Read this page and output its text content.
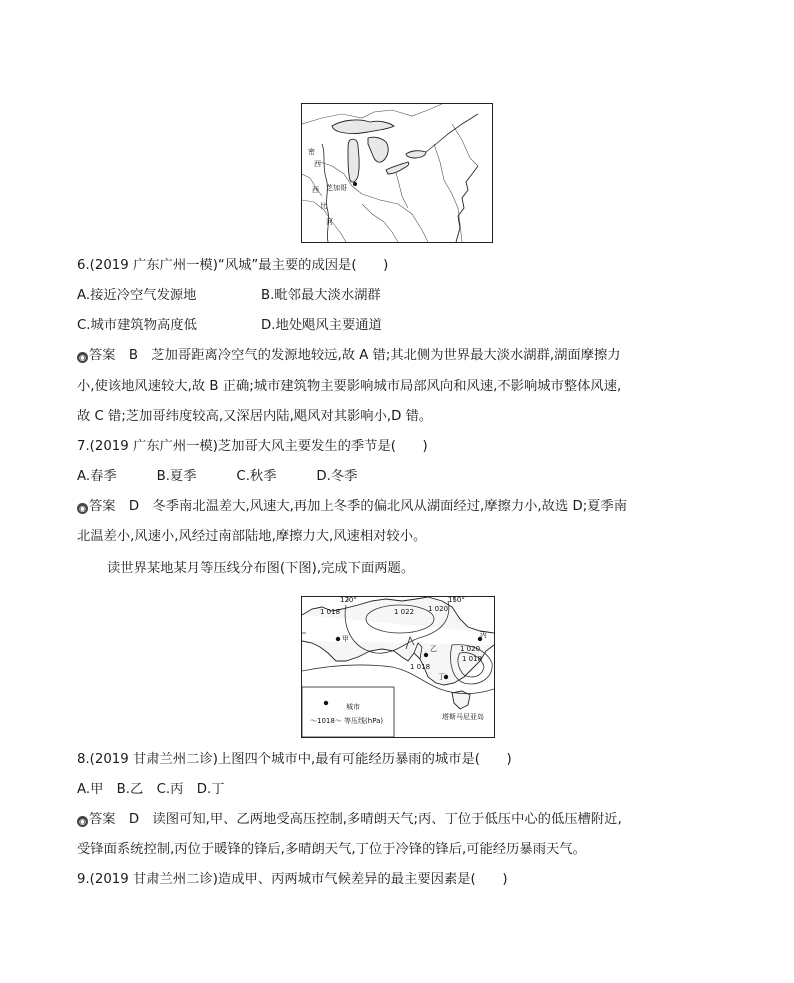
密
西
西
比
河
芝加哥
6.(2019 广东广州一模)“风城”最主要的成因是(　　)
A.接近冷空气发源地	B.毗邻最大淡水湖群
C.城市建筑物高度低	D.地处飓风主要通道
◉ 答案　B　芝加哥距离冷空气的发源地较远,故 A 错;其北侧为世界最大淡水湖群,湖面摩擦力
小,使该地风速较大,故 B 正确;城市建筑物主要影响城市局部风向和风速,不影响城市整体风速,
故 C 错;芝加哥纬度较高,又深居内陆,飓风对其影响小,D 错。
7.(2019 广东广州一模)芝加哥大风主要发生的季节是(　　)
A.春季　　　B.夏季　　　C.秋季　　　D.冬季
◉ 答案　D　冬季南北温差大,风速大,再加上冬季的偏北风从湖面经过,摩擦力小,故选 D;夏季南
北温差小,风速小,风经过南部陆地,摩擦力大,风速相对较小。
读世界某地某月等压线分布图(下图),完成下面两题。
120°	150°
1 018	1 022 1 020
甲
乙
丙
1 020
1 018
1 018
丁
塔斯马尼亚岛
城市
～1018～ 等压线(hPa)
8.(2019 甘肃兰州二诊)上图四个城市中,最有可能经历暴雨的城市是(　　)
A.甲　B.乙　C.丙　D.丁
◉ 答案　D　读图可知,甲、乙两地受高压控制,多晴朗天气;丙、丁位于低压中心的低压槽附近,
受锋面系统控制,丙位于暖锋的锋后,多晴朗天气,丁位于冷锋的锋后,可能经历暴雨天气。
9.(2019 甘肃兰州二诊)造成甲、丙两城市气候差异的最主要因素是(　　)
